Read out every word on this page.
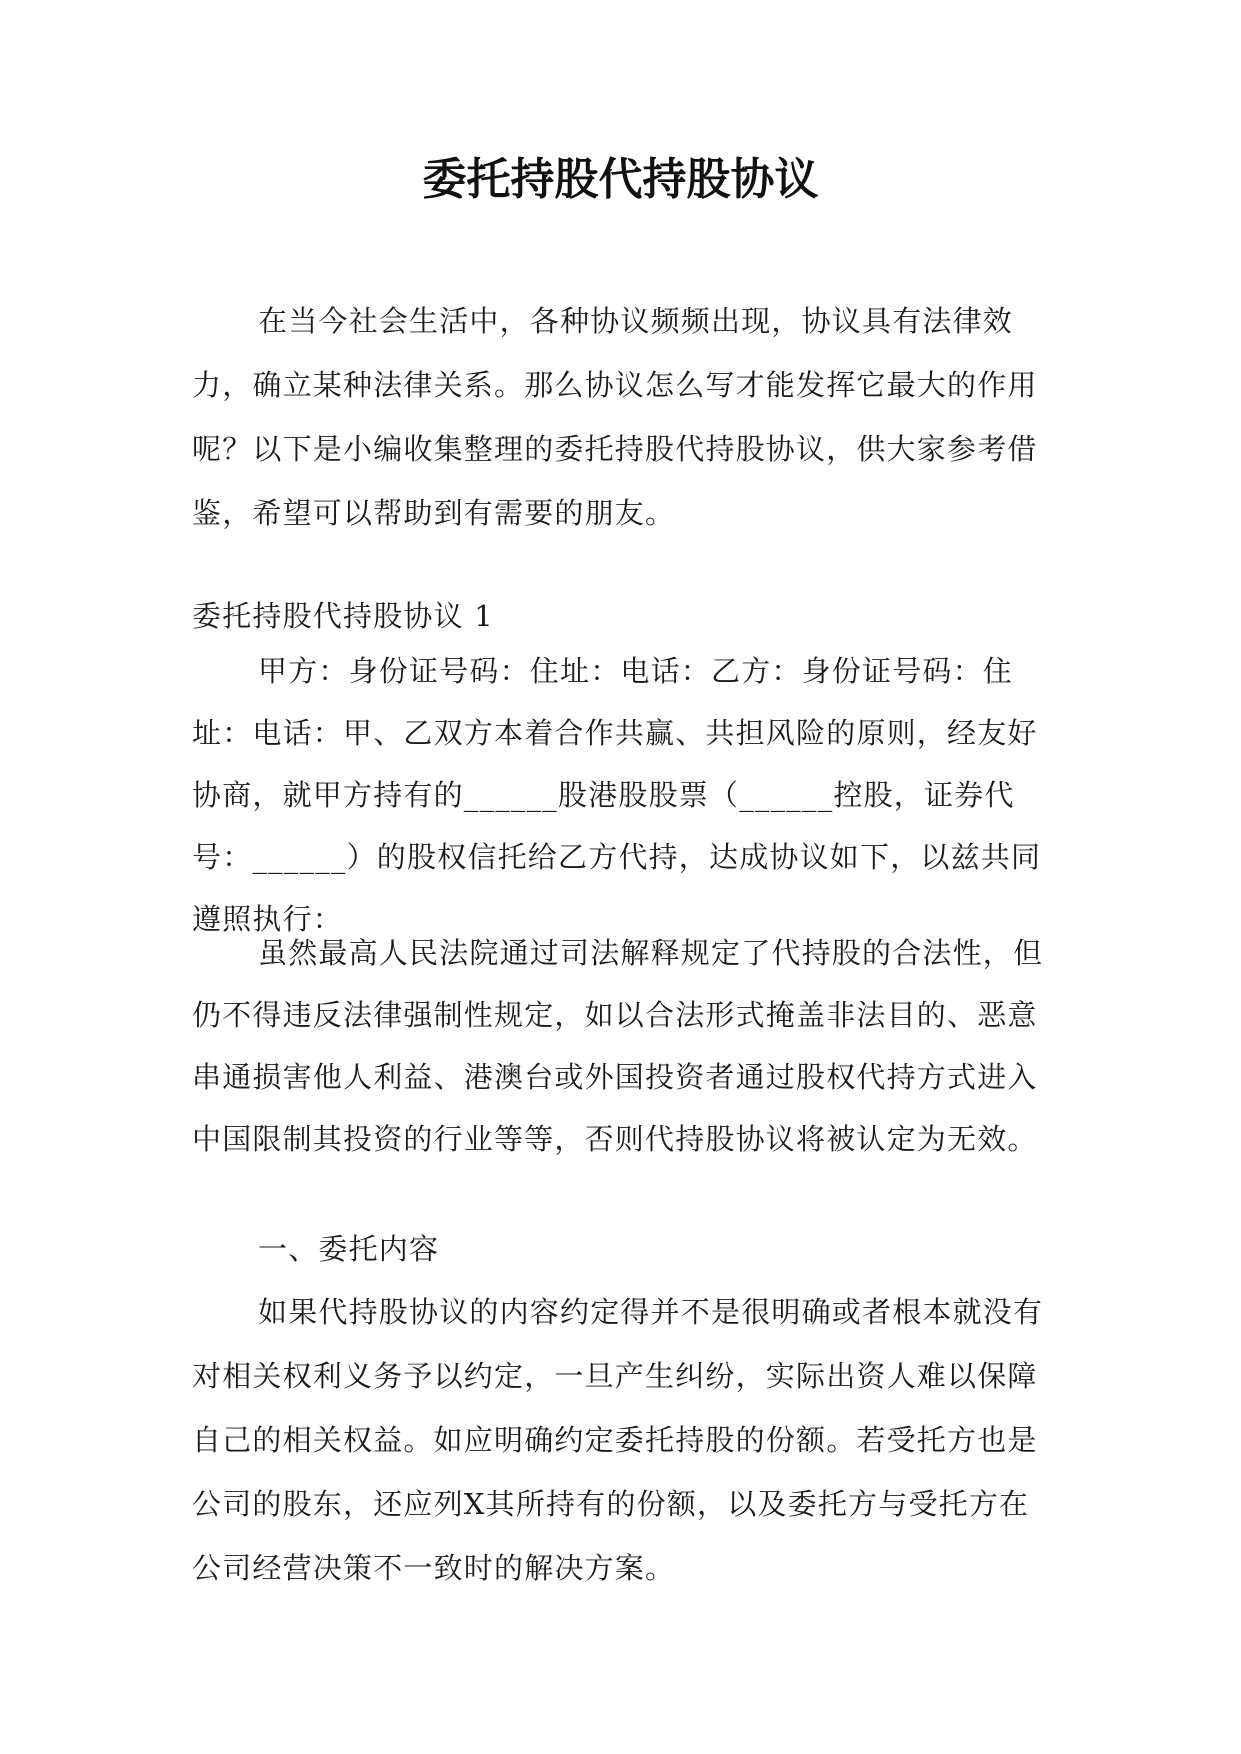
委托持股代持股协议

在当今社会生活中，各种协议频频出现，协议具有法律效力，确立某种法律关系。那么协议怎么写才能发挥它最大的作用呢？以下是小编收集整理的委托持股代持股协议，供大家参考借鉴，希望可以帮助到有需要的朋友。

委托持股代持股协议 1

甲方：身份证号码：住址：电话：乙方：身份证号码：住址：电话：甲、乙双方本着合作共赢、共担风险的原则，经友好协商，就甲方持有的______股港股股票（______控股，证券代号：______）的股权信托给乙方代持，达成协议如下，以兹共同遵照执行：

虽然最高人民法院通过司法解释规定了代持股的合法性，但仍不得违反法律强制性规定，如以合法形式掩盖非法目的、恶意串通损害他人利益、港澳台或外国投资者通过股权代持方式进入中国限制其投资的行业等等，否则代持股协议将被认定为无效。

一、委托内容

如果代持股协议的内容约定得并不是很明确或者根本就没有对相关权利义务予以约定，一旦产生纠纷，实际出资人难以保障自己的相关权益。如应明确约定委托持股的份额。若受托方也是公司的股东，还应列X其所持有的份额，以及委托方与受托方在公司经营决策不一致时的解决方案。
